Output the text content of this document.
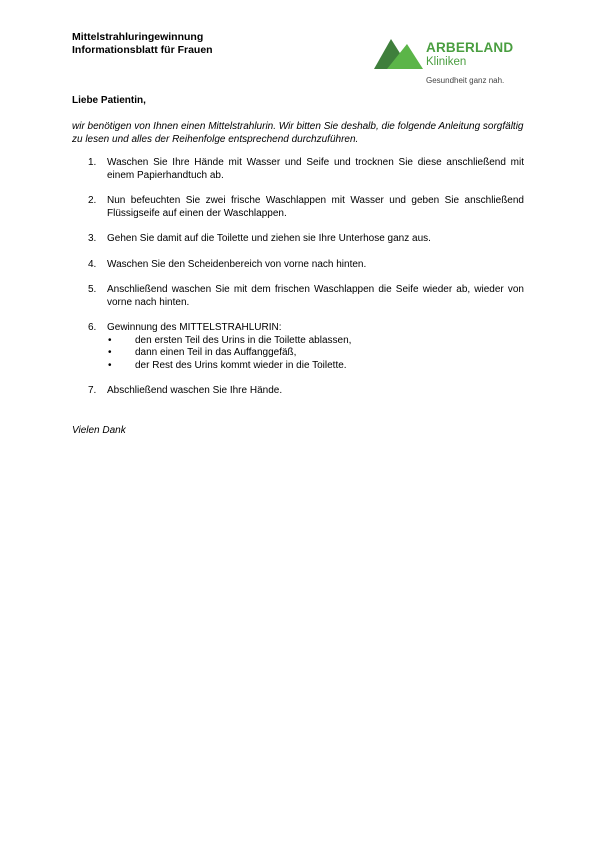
Mittelstrahluringewinnung
Informationsblatt für Frauen	ARBERLAND
Kliniken
Gesundheit ganz nah.
Liebe Patientin,
wir benötigen von Ihnen einen Mittelstrahlurin. Wir bitten Sie deshalb, die folgende Anleitung sorgfältig zu lesen und alles der Reihenfolge entsprechend durchzuführen.
1. Waschen Sie Ihre Hände mit Wasser und Seife und trocknen Sie diese anschließend mit einem Papierhandtuch ab.
2. Nun befeuchten Sie zwei frische Waschlappen mit Wasser und geben Sie anschließend Flüssigseife auf einen der Waschlappen.
3. Gehen Sie damit auf die Toilette und ziehen sie Ihre Unterhose ganz aus.
4. Waschen Sie den Scheidenbereich von vorne nach hinten.
5. Anschließend waschen Sie mit dem frischen Waschlappen die Seife wieder ab, wieder von vorne nach hinten.
6. Gewinnung des MITTELSTRAHLURIN:
• den ersten Teil des Urins in die Toilette ablassen,
• dann einen Teil in das Auffanggefäß,
• der Rest des Urins kommt wieder in die Toilette.
7. Abschließend waschen Sie Ihre Hände.
Vielen Dank
